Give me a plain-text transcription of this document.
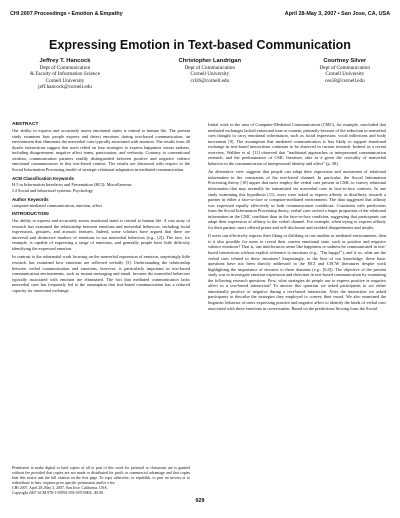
CHI 2007 Proceedings • Emotion & Empathy	April 28-May 3, 2007 • San Jose, CA, USA
Expressing Emotion in Text-based Communication
Jeffrey T. Hancock
Dept of Communication
& Faculty of Information Science
Cornell University
jeff.hancock@cornell.edu
Christopher Landrigan
Dept of Communication
Cornell University
crl26@cornell.edu
Courtney Silver
Dept of Communication
Cornell University
ces58@cornell.edu
ABSTRACT

Our ability to express and accurately assess emotional states is central to human life. The present study examines how people express and detect emotions during text-based communication, an environment that eliminates the nonverbal cues typically associated with emotion. The results from 40 dyadic interactions suggest that users relied on four strategies to express happiness versus sadness, including disagreement, negative affect terms, punctuation, and verbosity. Contrary to conventional wisdom, communication partners readily distinguished between positive and negative valence emotional communicators in this text-based context. The results are discussed with respect to the Social Information Processing model of strategic relational adaptation in mediated communication.

ACM Classification Keywords

H.5 m Information Interfaces and Presentation (HCI): Miscellaneous

J.4 Social and behavioral systems: Psychology

Author Keywords

computer-mediated communication, emotion, affect

INTRODUCTION

Our ability to express and accurately assess emotional states is central to human life. A vast array of research has examined the relationship between emotions and nonverbal behaviors, including facial expressions, gestures, and acoustic features. Indeed, some scholars have argued that there are universal and distinctive markers of emotions in our nonverbal behaviors (e.g., [2]). The face, for example, is capable of expressing a range of emotions, and generally people have little difficulty identifying the expressed emotion.

In contrast to the substantial work focusing on the nonverbal expression of emotion, surprisingly little research has examined how emotions are reflected verbally [3]. Understanding the relationship between verbal communication and emotions, however, is particularly important in text-based communication environments, such as instant messaging and email, because the nonverbal behaviors typically associated with emotion are eliminated. The fact that mediated communication lacks nonverbal cues has frequently led to the assumption that text-based communication has a reduced capacity for emotional exchange.

Permission to make digital or hard copies of all or part of this work for personal or classroom use is granted without fee provided that copies are not made or distributed for profit or commercial advantage and that copies bear this notice and the full citation on the first page. To copy otherwise, or republish, to post on servers or to redistribute to lists, requires prior specific permission and/or a fee.

CHI 2007, April 28–May 3, 2007, San Jose, California, USA.

Copyright 2007 ACM 978-1-59593-593-9/07/0004...$5.00.

Initial work in the area of Computer-Mediated Communication (CMC), for example, concluded that mediated exchanges lacked emotional tone or content, primarily because of the reduction in nonverbal cues thought to carry emotional information, such as facial expression, vocal inflections and body movement [9]. The assumption that mediated communication is less likely to support emotional exchange in text-based interactions continues to be observed in current research. Indeed, in a recent overview, Walther et al. [11] observed that "traditional approaches to interpersonal communication research, and the predominance of CMC literature, take as a given the criticality of nonverbal behavior in the communication of interpersonal identity and affect" (p. 38).

An alternative view suggests that people can adapt their expression and assessment of relational information to the constraints of the text-based channel. In particular, the Social Information Processing theory [10] argues that users employ the verbal cues present in CMC to convey relational information that may normally be transmitted via nonverbal cues in face-to-face contexts. In one study examining this hypothesis [11], users were asked to express affinity or disaffinity towards a partner in either a face-to-face or computer-mediated environment. The data suggested that affinity was expressed equally effectively in both communication conditions. Consistent with predictions from the Social Information Processing theory, verbal cues carried a larger proportion of the relational information in the CMC condition than in the face-to-face condition, suggesting that participants can adapt their expression of affinity to the verbal channel. For example, when trying to express affinity for their partner, users offered praise and self-disclosure and avoided disagreements and insults.

If users can effectively express their liking or disliking of one another in mediated environments, then is it also possible for users to reveal their current emotional state, such as positive and negative valence emotions? That is, can interlocutors sense like happiness or sadness be communicated in text-based interactions without explicit reference to emotions (e.g., "I'm happy!"), and if so, what are the verbal cues related to these emotions? Surprisingly, to the best of our knowledge, these basic questions have not been directly addressed in the HCI and CSCW literatures despite work highlighting the importance of emotion to these domains (e.g., [6,8]). The objective of the present study was to investigate emotion expression and detection in text-based communication by examining the following research questions. First, what strategies do people use to express positive or negative affect in a text-based interaction? To answer this question we asked participants to act either emotionally positive or negative during a text-based interaction. After the interaction we asked participants to describe the strategies they employed to convey their mood. We also examined the linguistic behavior of users expressing positive and negative affect to identify the kinds of verbal cues associated with these emotions in conversation. Based on the predictions flowing from the Social

929
